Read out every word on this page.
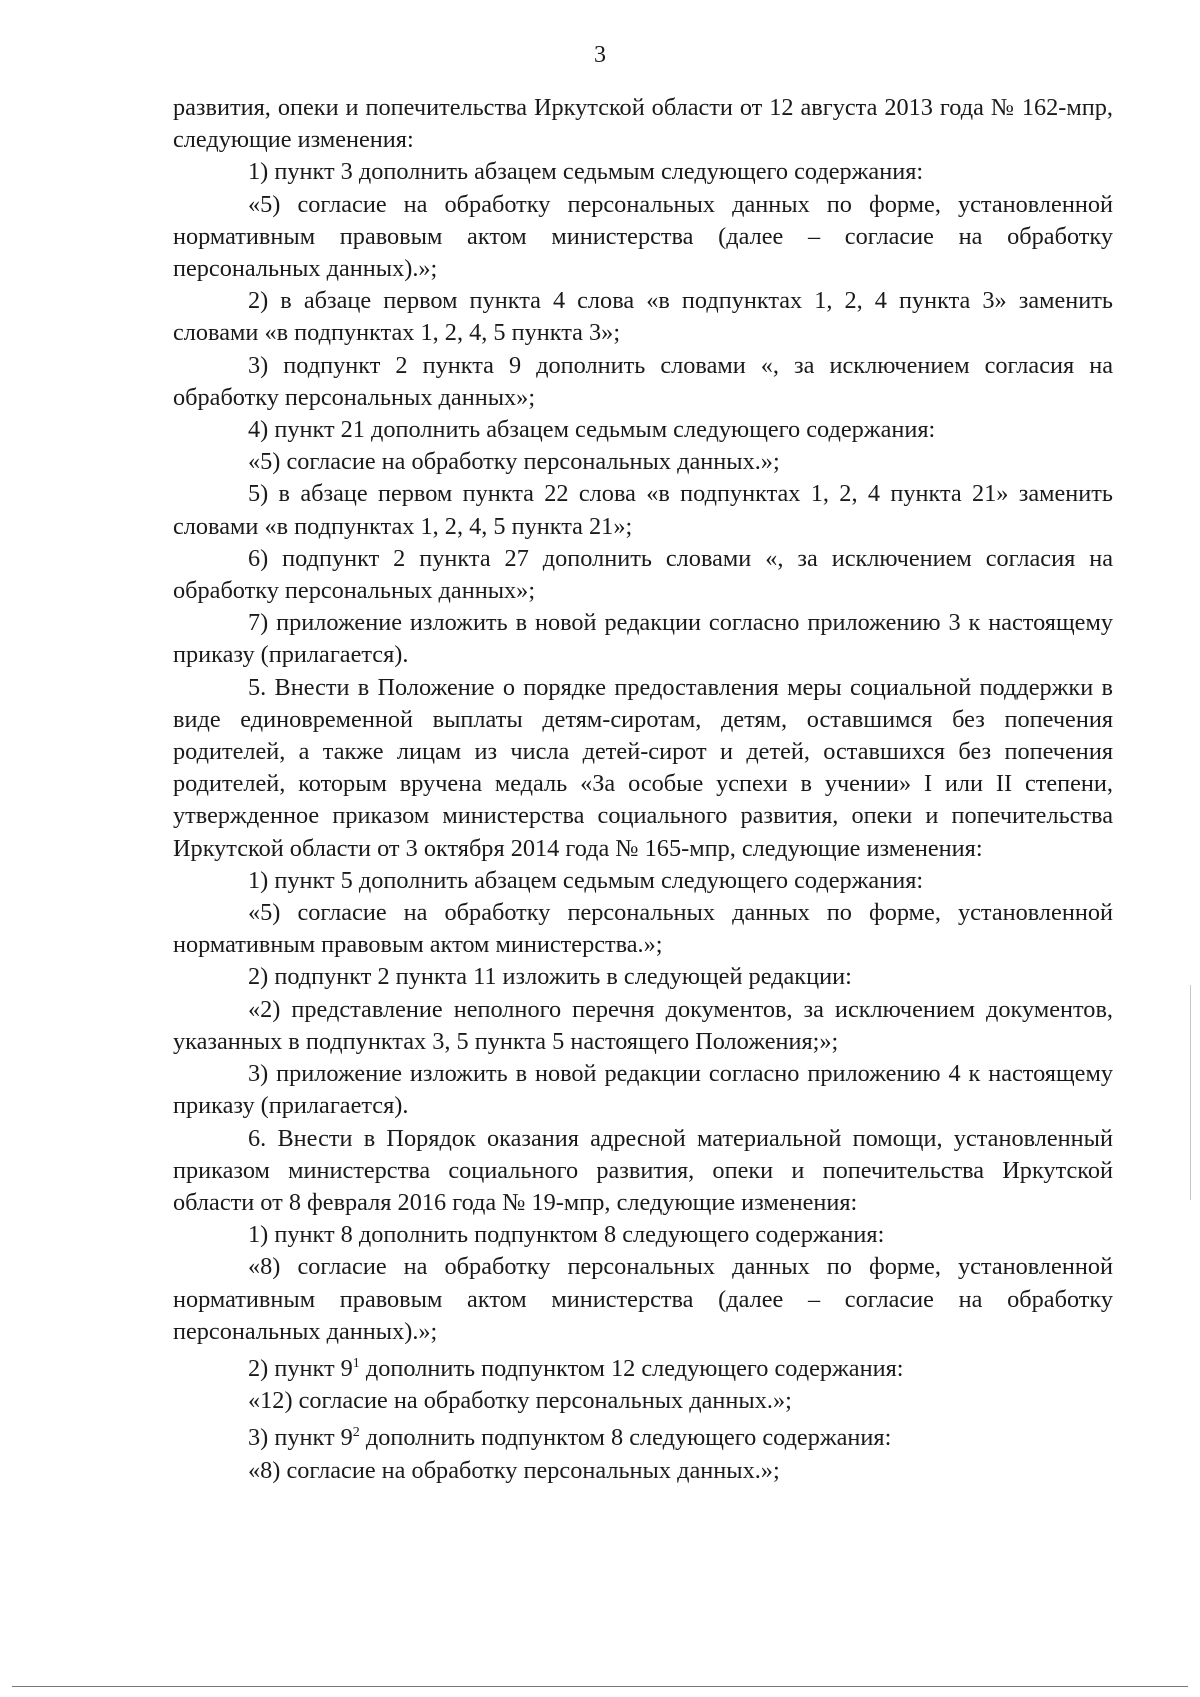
3

развития, опеки и попечительства Иркутской области от 12 августа 2013 года № 162-мпр, следующие изменения:

1) пункт 3 дополнить абзацем седьмым следующего содержания:

«5) согласие на обработку персональных данных по форме, установленной нормативным правовым актом министерства (далее – согласие на обработку персональных данных).»;

2) в абзаце первом пункта 4 слова «в подпунктах 1, 2, 4 пункта 3» заменить словами «в подпунктах 1, 2, 4, 5 пункта 3»;

3) подпункт 2 пункта 9 дополнить словами «, за исключением согласия на обработку персональных данных»;

4) пункт 21 дополнить абзацем седьмым следующего содержания:

«5) согласие на обработку персональных данных.»;

5) в абзаце первом пункта 22 слова «в подпунктах 1, 2, 4 пункта 21» заменить словами «в подпунктах 1, 2, 4, 5 пункта 21»;

6) подпункт 2 пункта 27 дополнить словами «, за исключением согласия на обработку персональных данных»;

7) приложение изложить в новой редакции согласно приложению 3 к настоящему приказу (прилагается).

5. Внести в Положение о порядке предоставления меры социальной поддержки в виде единовременной выплаты детям-сиротам, детям, оставшимся без попечения родителей, а также лицам из числа детей-сирот и детей, оставшихся без попечения родителей, которым вручена медаль «За особые успехи в учении» I или II степени, утвержденное приказом министерства социального развития, опеки и попечительства Иркутской области от 3 октября 2014 года № 165-мпр, следующие изменения:

1) пункт 5 дополнить абзацем седьмым следующего содержания:

«5) согласие на обработку персональных данных по форме, установленной нормативным правовым актом министерства.»;

2) подпункт 2 пункта 11 изложить в следующей редакции:

«2) представление неполного перечня документов, за исключением документов, указанных в подпунктах 3, 5 пункта 5 настоящего Положения;»;

3) приложение изложить в новой редакции согласно приложению 4 к настоящему приказу (прилагается).

6. Внести в Порядок оказания адресной материальной помощи, установленный приказом министерства социального развития, опеки и попечительства Иркутской области от 8 февраля 2016 года № 19-мпр, следующие изменения:

1) пункт 8 дополнить подпунктом 8 следующего содержания:

«8) согласие на обработку персональных данных по форме, установленной нормативным правовым актом министерства (далее – согласие на обработку персональных данных).»;

2) пункт $9^1$ дополнить подпунктом 12 следующего содержания:

«12) согласие на обработку персональных данных.»;

3) пункт $9^2$ дополнить подпунктом 8 следующего содержания:

«8) согласие на обработку персональных данных.»;
